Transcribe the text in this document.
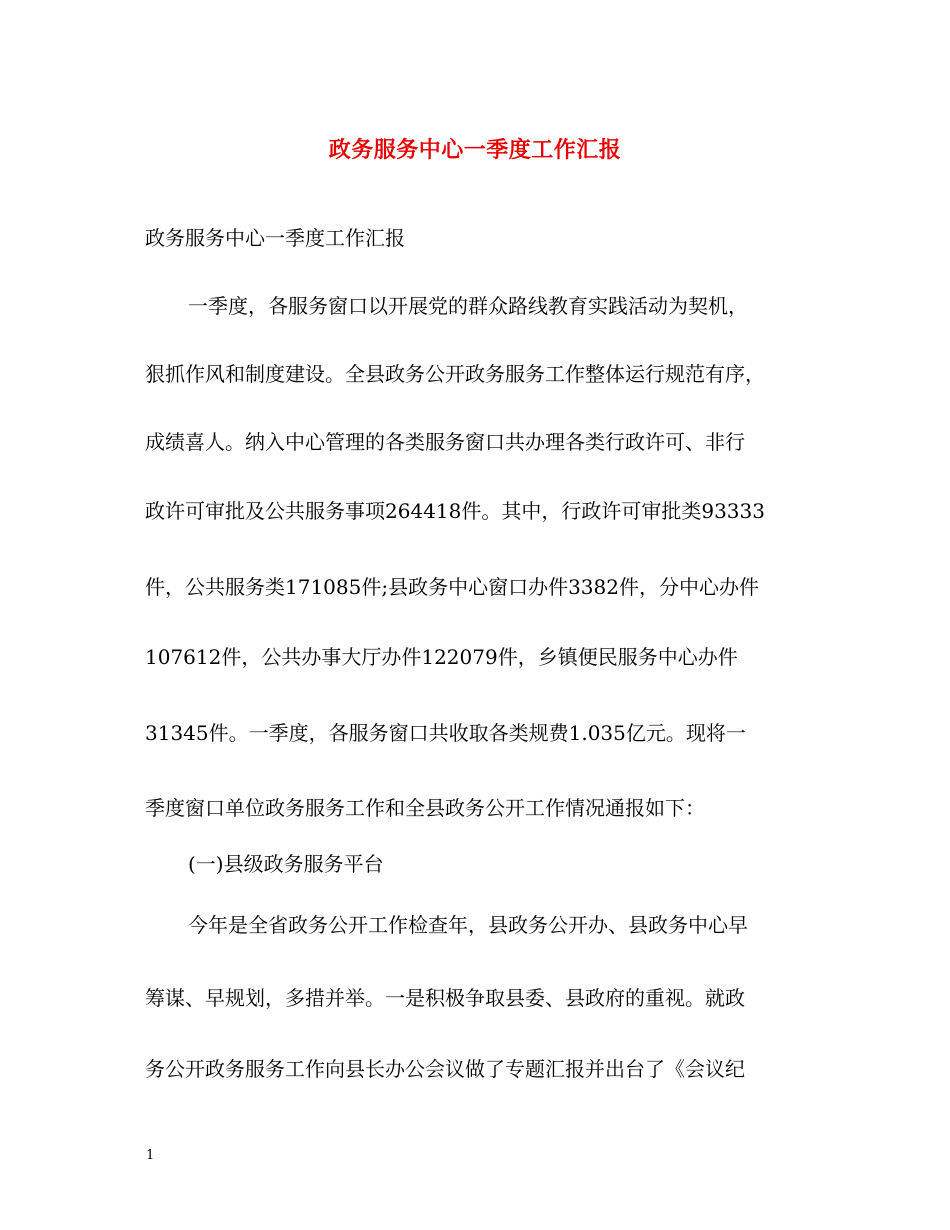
政务服务中心一季度工作汇报

政务服务中心一季度工作汇报

一季度，各服务窗口以开展党的群众路线教育实践活动为契机，

狠抓作风和制度建设。全县政务公开政务服务工作整体运行规范有序，

成绩喜人。纳入中心管理的各类服务窗口共办理各类行政许可、非行

政许可审批及公共服务事项264418件。其中，行政许可审批类93333

件，公共服务类171085件;县政务中心窗口办件3382件，分中心办件

107612件，公共办事大厅办件122079件，乡镇便民服务中心办件

31345件。一季度，各服务窗口共收取各类规费1.035亿元。现将一

季度窗口单位政务服务工作和全县政务公开工作情况通报如下：

(一)县级政务服务平台

今年是全省政务公开工作检查年，县政务公开办、县政务中心早

筹谋、早规划，多措并举。一是积极争取县委、县政府的重视。就政

务公开政务服务工作向县长办公会议做了专题汇报并出台了《会议纪

1
